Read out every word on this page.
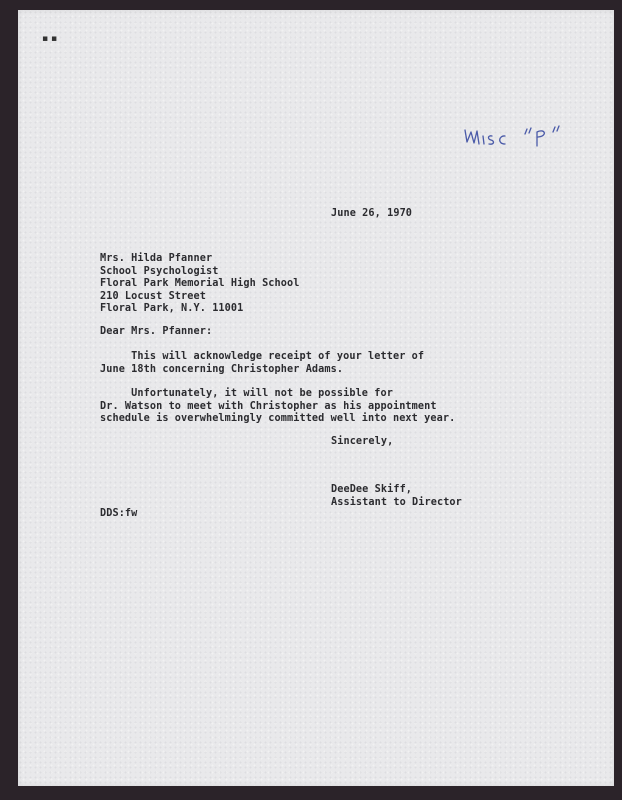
▪ ▪

June 26, 1970

Mrs. Hilda Pfanner

School Psychologist

Floral Park Memorial High School

210 Locust Street

Floral Park, N.Y. 11001

Dear Mrs. Pfanner:

This will acknowledge receipt of your letter of

June 18th concerning Christopher Adams.

Unfortunately, it will not be possible for

Dr. Watson to meet with Christopher as his appointment

schedule is overwhelmingly committed well into next year.

Sincerely,

DeeDee Skiff,

Assistant to Director

DDS:fw
